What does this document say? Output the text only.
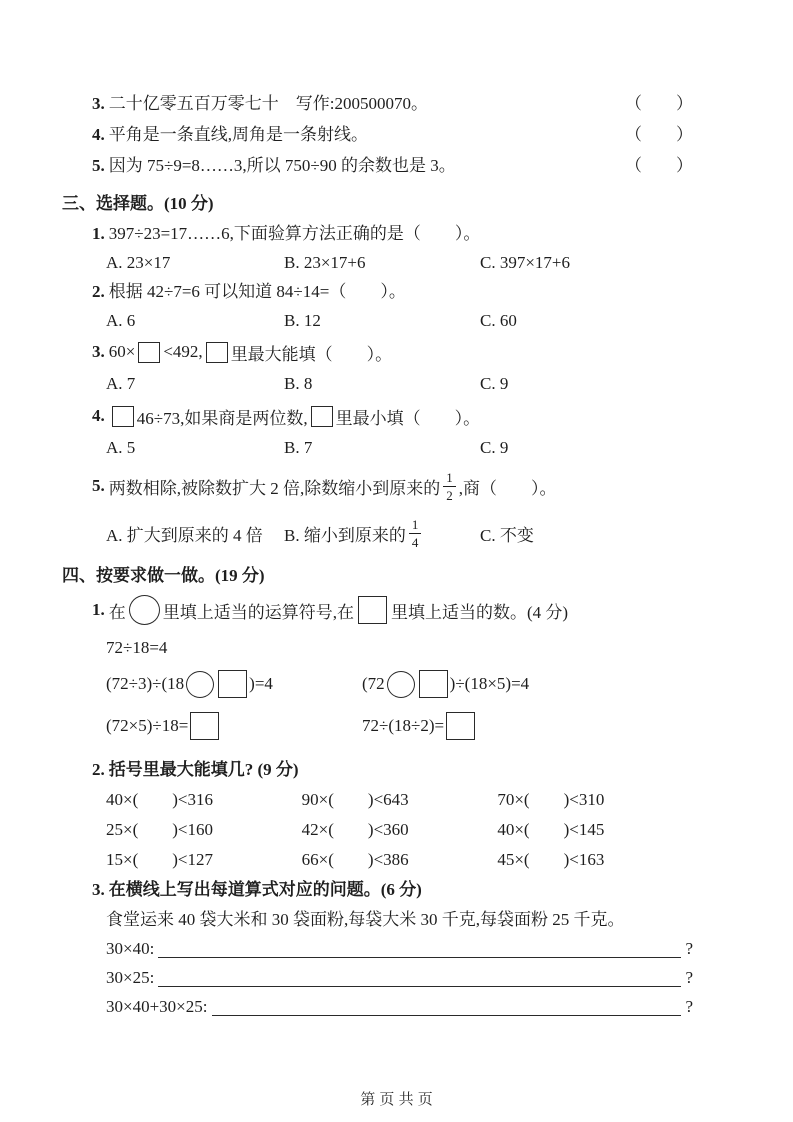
3. 二十亿零五百万零七十　写作:200500070。	（　　）
4. 平角是一条直线,周角是一条射线。	（　　）
5. 因为 75÷9=8……3,所以 750÷90 的余数也是 3。	（　　）
三、选择题。(10 分)
1. 397÷23=17……6,下面验算方法正确的是（　　）。
A. 23×17	B. 23×17+6	C. 397×17+6
2. 根据 42÷7=6 可以知道 84÷14=（　　）。
A. 6	B. 12	C. 60
3. 60× <492, 里最大能填（　　）。
A. 7	B. 8	C. 9
4. 46÷73,如果商是两位数, 里最小填（　　）。
A. 5	B. 7	C. 9
5. 两数相除,被除数扩大 2 倍,除数缩小到原来的 $\frac{1}{2}$ ,商（　　）。
A. 扩大到原来的 4 倍	B. 缩小到原来的 $\frac{1}{4}$	C. 不变
四、按要求做一做。(19 分)
1. 在 里填上适当的运算符号,在 里填上适当的数。(4 分)
72÷18=4
(72÷3)÷(18	)=4	(72	)÷(18×5)=4
(72×5)÷18=	72÷(18÷2)=
2. 括号里最大能填几? (9 分)
40×(　　)<316	90×(　　)<643	70×(　　)<310
25×(　　)<160	42×(　　)<360	40×(　　)<145
15×(　　)<127	66×(　　)<386	45×(　　)<163
3. 在横线上写出每道算式对应的问题。(6 分)
食堂运来 40 袋大米和 30 袋面粉,每袋大米 30 千克,每袋面粉 25 千克。
30×40:	?
30×25:	?
30×40+30×25:	?
第 页 共 页
